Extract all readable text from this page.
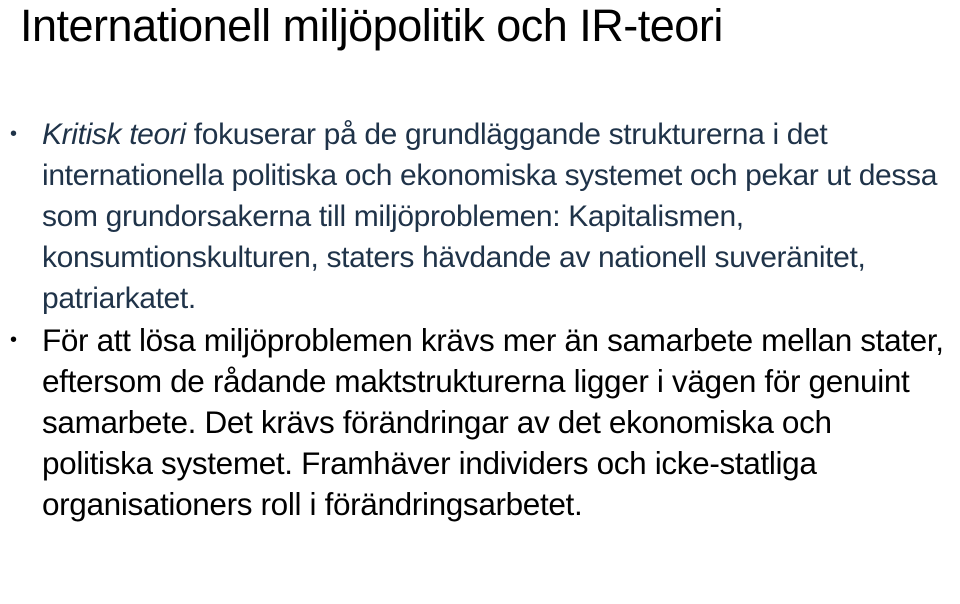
Internationell miljöpolitik och IR-teori
• Kritisk teori fokuserar på de grundläggande strukturerna i det internationella politiska och ekonomiska systemet och pekar ut dessa som grundorsakerna till miljöproblemen: Kapitalismen, konsumtionskulturen, staters hävdande av nationell suveränitet, patriarkatet.
• För att lösa miljöproblemen krävs mer än samarbete mellan stater, eftersom de rådande maktstrukturerna ligger i vägen för genuint samarbete. Det krävs förändringar av det ekonomiska och politiska systemet. Framhäver individers och icke-statliga organisationers roll i förändringsarbetet.
